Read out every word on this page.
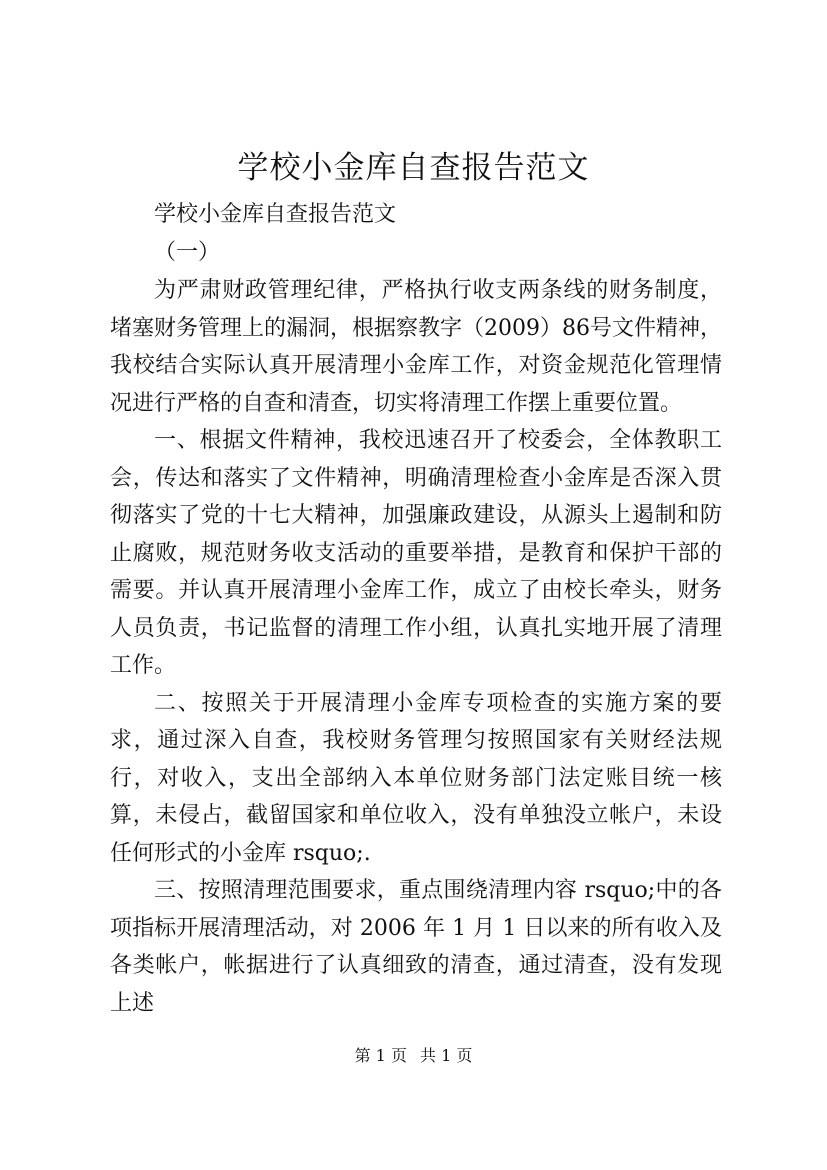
学校小金库自查报告范文

学校小金库自查报告范文

（一）

为严肃财政管理纪律，严格执行收支两条线的财务制度，堵塞财务管理上的漏洞，根据察教字（2009）86号文件精神，我校结合实际认真开展清理小金库工作，对资金规范化管理情况进行严格的自查和清查，切实将清理工作摆上重要位置。

一、根据文件精神，我校迅速召开了校委会，全体教职工会，传达和落实了文件精神，明确清理检查小金库是否深入贯彻落实了党的十七大精神，加强廉政建设，从源头上遏制和防止腐败，规范财务收支活动的重要举措，是教育和保护干部的需要。并认真开展清理小金库工作，成立了由校长牵头，财务人员负责，书记监督的清理工作小组，认真扎实地开展了清理工作。

二、按照关于开展清理小金库专项检查的实施方案的要求，通过深入自查，我校财务管理匀按照国家有关财经法规行，对收入，支出全部纳入本单位财务部门法定账目统一核算，未侵占，截留国家和单位收入，没有单独没立帐户，未设任何形式的小金库 rsquo;.

三、按照清理范围要求，重点围绕清理内容 rsquo;中的各项指标开展清理活动，对 2006 年 1 月 1 日以来的所有收入及各类帐户，帐据进行了认真细致的清查，通过清查，没有发现上述

第 1 页 共 1 页
